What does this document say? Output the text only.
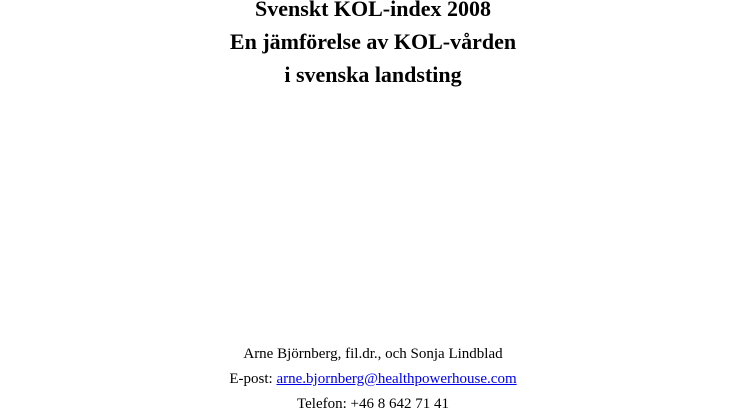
Svenskt KOL-index 2008

En jämförelse av KOL-vården

i svenska landsting

Arne Björnberg, fil.dr., och Sonja Lindblad

E-post: arne.bjornberg@healthpowerhouse.com

Telefon: +46 8 642 71 41
